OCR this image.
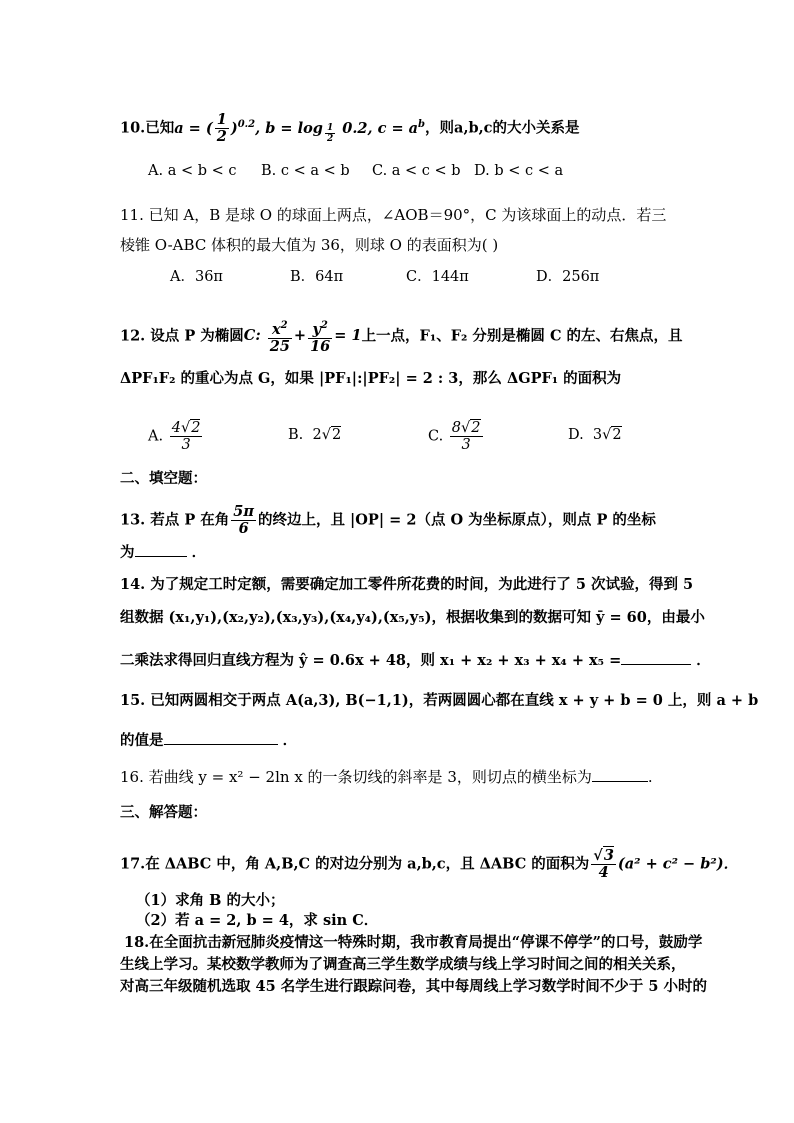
10.已知a = ( $\frac{1}{2} )^{0.2}$, b = log $_{\frac{1}{2}}$ 0.2, $c = a^b$，则a,b,c的大小关系是
A. a < b < c B. c < a < b C. a < c < b D. b < c < a
11. 已知 A，B 是球 O 的球面上两点，∠AOB＝90°，C 为该球面上的动点．若三
棱锥 O-ABC 体积的最大值为 36，则球 O 的表面积为( )
A．36π	B．64π	C．144π	D．256π
12. 设点 P 为椭圆C: $\frac{x^2}{25} + \frac{y^2}{16} = 1$上一点，F₁、F₂ 分别是椭圆 C 的左、右焦点，且
ΔPF₁F₂ 的重心为点 G，如果 |PF₁|:|PF₂| = 2 : 3，那么 ΔGPF₁ 的面积为
A. $\frac{4√2}{3}$	B.  2√2	C. $\frac{8√2}{3}$	D.  3√2
二、填空题：
13. 若点 P 在角 $\frac{5\pi}{6}$ 的终边上，且 |OP| = 2（点 O 为坐标原点），则点 P 的坐标
为	．
14. 为了规定工时定额，需要确定加工零件所花费的时间，为此进行了 5 次试验，得到 5
组数据 (x₁,y₁),(x₂,y₂),(x₃,y₃),(x₄,y₄),(x₅,y₅)，根据收集到的数据可知 ȳ = 60，由最小
二乘法求得回归直线方程为 ŷ = 0.6x + 48，则 x₁ + x₂ + x₃ + x₄ + x₅ =	．
15. 已知两圆相交于两点 A(a,3), B(−1,1)，若两圆圆心都在直线 x + y + b = 0 上，则 a + b
的值是	．
16. 若曲线 y = x² − 2ln x 的一条切线的斜率是 3，则切点的横坐标为	.
三、解答题：
17.在 ΔABC 中，角 A,B,C 的对边分别为 a,b,c，且 ΔABC 的面积为 $\frac{√3}{4} (a^2 + c^2 - b^2)$．
（1）求角 B 的大小；
（2）若 a = 2, b = 4，求 sin C．
18.在全面抗击新冠肺炎疫情这一特殊时期，我市教育局提出“停课不停学”的口号，鼓励学
生线上学习。某校数学教师为了调查高三学生数学成绩与线上学习时间之间的相关关系，
对高三年级随机选取 45 名学生进行跟踪问卷，其中每周线上学习数学时间不少于 5 小时的
